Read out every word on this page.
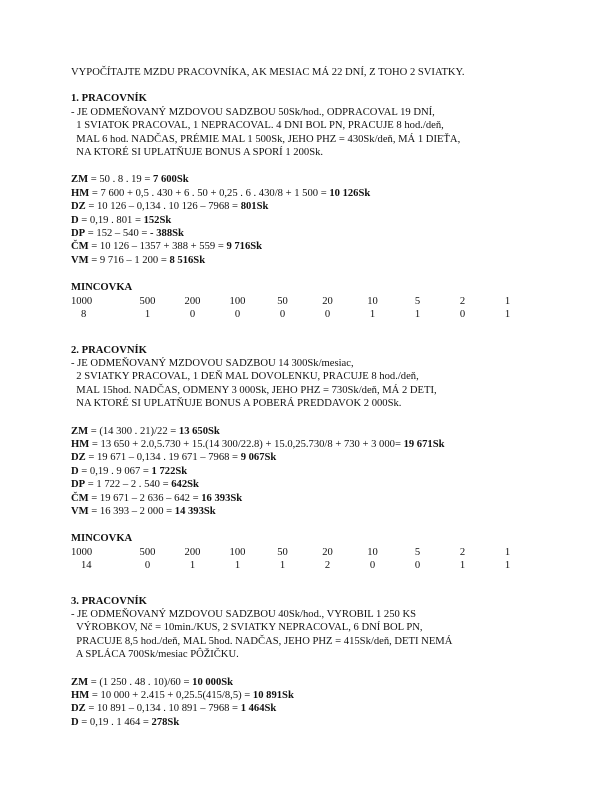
VYPOČÍTAJTE MZDU PRACOVNÍKA, AK MESIAC MÁ 22 DNÍ, Z TOHO 2 SVIATKY.
1. PRACOVNÍK
- JE ODMEŇOVANÝ MZDOVOU SADZBOU 50Sk/hod., ODPRACOVAL 19 DNÍ,
1 SVIATOK PRACOVAL, 1 NEPRACOVAL. 4 DNI BOL PN, PRACUJE 8 hod./deň,
MAL 6 hod. NADČAS, PRÉMIE MAL 1 500Sk, JEHO PHZ = 430Sk/deň, MÁ 1 DIEŤA,
NA KTORÉ SI UPLATŇUJE BONUS A SPORÍ 1 200Sk.
ZM = 50 . 8 . 19 = 7 600Sk
HM = 7 600 + 0,5 . 430 + 6 . 50 + 0,25 . 6 . 430/8 + 1 500 = 10 126Sk
DZ = 10 126 – 0,134 . 10 126 – 7968 = 801Sk
D = 0,19 . 801 = 152Sk
DP = 152 – 540 = - 388Sk
ČM = 10 126 – 1357 + 388 + 559 = 9 716Sk
VM = 9 716 – 1 200 = 8 516Sk
MINCOVKA
1000	500	200	100	50	20	10	5	2	1
8	1	0	0	0	0	1	1	0	1
2. PRACOVNÍK
- JE ODMEŇOVANÝ MZDOVOU SADZBOU 14 300Sk/mesiac,
2 SVIATKY PRACOVAL, 1 DEŇ MAL DOVOLENKU, PRACUJE 8 hod./deň,
MAL 15hod. NADČAS, ODMENY 3 000Sk, JEHO PHZ = 730Sk/deň, MÁ 2 DETI,
NA KTORÉ SI UPLATŇUJE BONUS A POBERÁ PREDDAVOK 2 000Sk.
ZM = (14 300 . 21)/22 = 13 650Sk
HM = 13 650 + 2.0,5.730 + 15.(14 300/22.8) + 15.0,25.730/8 + 730 + 3 000= 19 671Sk
DZ = 19 671 – 0,134 . 19 671 – 7968 = 9 067Sk
D = 0,19 . 9 067 = 1 722Sk
DP = 1 722 – 2 . 540 = 642Sk
ČM = 19 671 – 2 636 – 642 = 16 393Sk
VM = 16 393 – 2 000 = 14 393Sk
MINCOVKA
1000	500	200	100	50	20	10	5	2	1
14	0	1	1	1	2	0	0	1	1
3. PRACOVNÍK
- JE ODMEŇOVANÝ MZDOVOU SADZBOU 40Sk/hod., VYROBIL 1 250 KS
VÝROBKOV, Nč = 10min./KUS, 2 SVIATKY NEPRACOVAL, 6 DNÍ BOL PN,
PRACUJE 8,5 hod./deň, MAL 5hod. NADČAS, JEHO PHZ = 415Sk/deň, DETI NEMÁ
A SPLÁCA 700Sk/mesiac PÔŽIČKU.
ZM = (1 250 . 48 . 10)/60 = 10 000Sk
HM = 10 000 + 2.415 + 0,25.5(415/8,5) = 10 891Sk
DZ = 10 891 – 0,134 . 10 891 – 7968 = 1 464Sk
D = 0,19 . 1 464 = 278Sk
